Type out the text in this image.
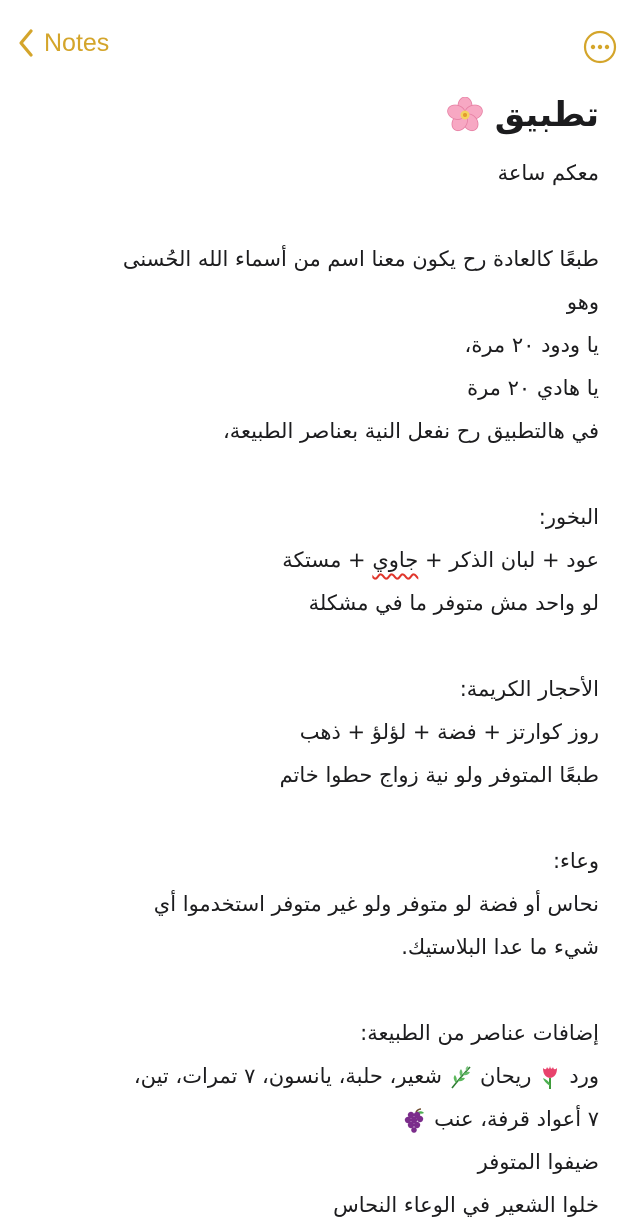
Notes
تطبيق
معكم ساعة
طبعًا كالعادة رح يكون معنا اسم من أسماء الله الحُسنى
وهو
يا ودود ٢٠ مرة،
يا هادي ٢٠ مرة
في هالتطبيق رح نفعل النية بعناصر الطبيعة،
البخور:
عود + لبان الذكر + جاوي + مستكة
لو واحد مش متوفر ما في مشكلة
الأحجار الكريمة:
روز كوارتز + فضة + لؤلؤ + ذهب
طبعًا المتوفر ولو نية زواج حطوا خاتم
وعاء:
نحاس أو فضة لو متوفر ولو غير متوفر استخدموا أي
شيء ما عدا البلاستيك.
إضافات عناصر من الطبيعة:
وردريحانشعير، حلبة، يانسون، ٧ تمرات، تين،
٧ أعواد قرفة، عنب
ضيفوا المتوفر
خلوا الشعير في الوعاء النحاس
